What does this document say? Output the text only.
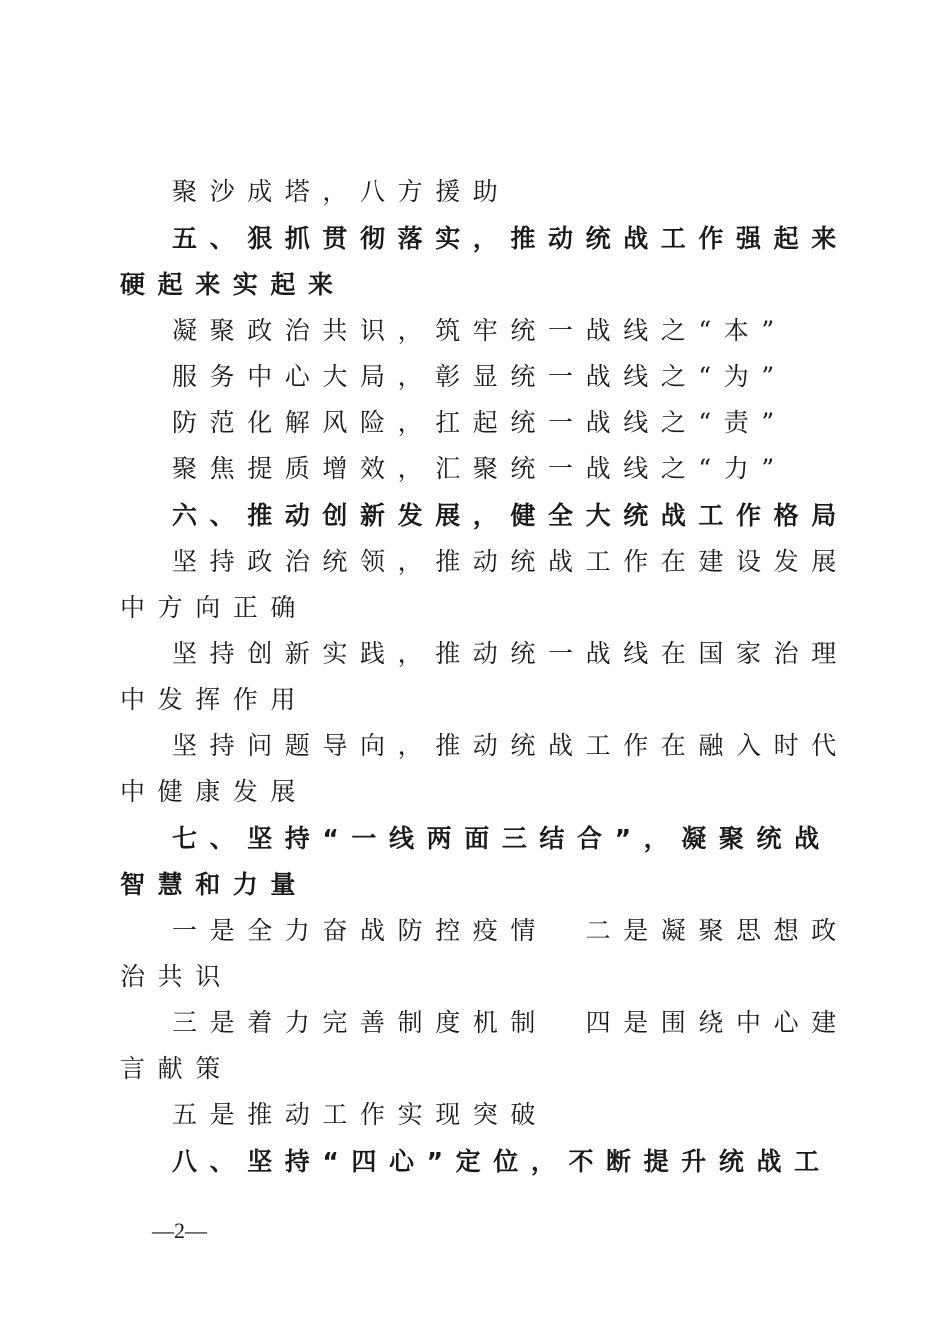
聚沙成塔，八方援助
五、狠抓贯彻落实，推动统战工作强起来
硬起来实起来
凝聚政治共识，筑牢统一战线之“本”
服务中心大局，彰显统一战线之“为”
防范化解风险，扛起统一战线之“责”
聚焦提质增效，汇聚统一战线之“力”
六、推动创新发展，健全大统战工作格局
坚持政治统领，推动统战工作在建设发展
中方向正确
坚持创新实践，推动统一战线在国家治理
中发挥作用
坚持问题导向，推动统战工作在融入时代
中健康发展
七、坚持“一线两面三结合”，凝聚统战
智慧和力量
一是全力奋战防控疫情　二是凝聚思想政
治共识
三是着力完善制度机制　四是围绕中心建
言献策
五是推动工作实现突破
八、坚持“四心”定位，不断提升统战工
—2—
